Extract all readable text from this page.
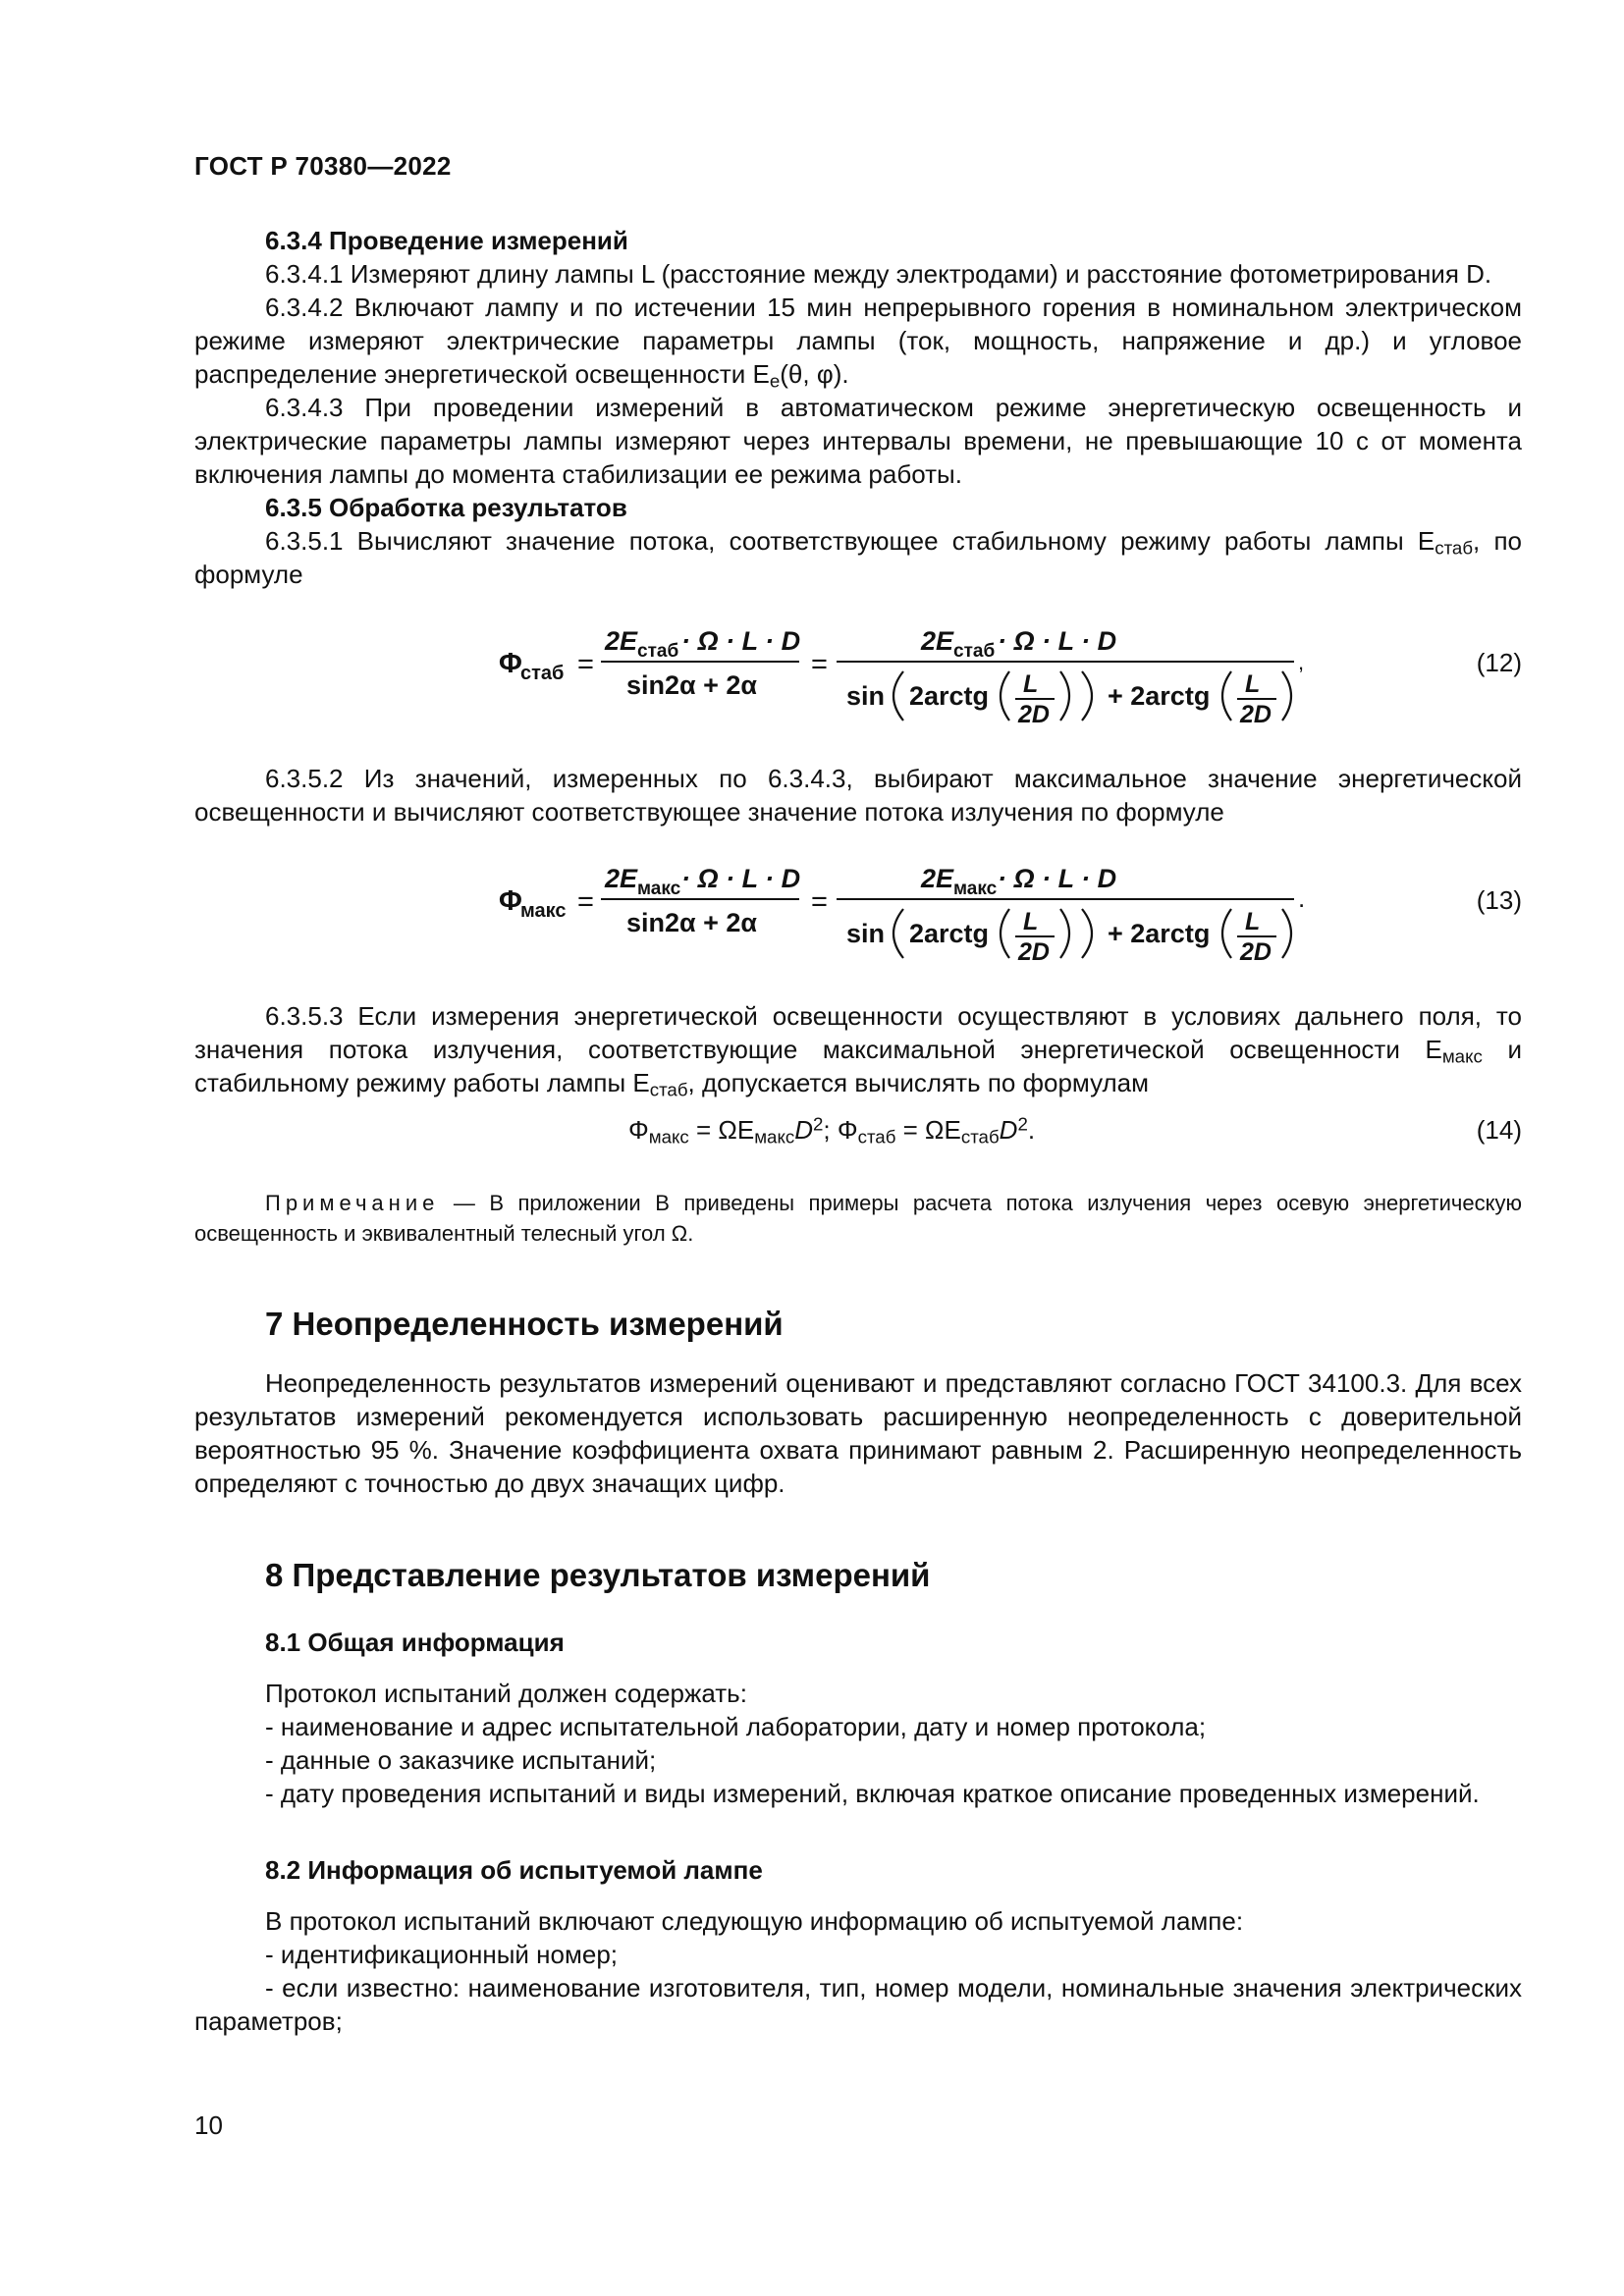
ГОСТ Р 70380—2022

6.3.4 Проведение измерений

6.3.4.1 Измеряют длину лампы L (расстояние между электродами) и расстояние фотометрирования D.

6.3.4.2 Включают лампу и по истечении 15 мин непрерывного горения в номинальном электрическом режиме измеряют электрические параметры лампы (ток, мощность, напряжение и др.) и угловое распределение энергетической освещенности $E_e(\theta$, φ).

6.3.4.3 При проведении измерений в автоматическом режиме энергетическую освещенность и электрические параметры лампы измеряют через интервалы времени, не превышающие 10 с от момента включения лампы до момента стабилизации ее режима работы.

6.3.5 Обработка результатов

6.3.5.1 Вычисляют значение потока, соответствующее стабильному режиму работы лампы $E_{стаб}$, по формуле

Φ
стаб =
2E стаб · Ω · L · D
sin2α + 2α
=
2E стаб · Ω · L · D
sin 2arctg L
2D
+ 2arctg L
2D
,	(12)

6.3.5.2 Из значений, измеренных по 6.3.4.3, выбирают максимальное значение энергетической освещенности и вычисляют соответствующее значение потока излучения по формуле

Φ
макс =
2E макс · Ω · L · D
sin2α + 2α
=
2E макс · Ω · L · D
sin 2arctg L
2D
+ 2arctg L
2D
.	(13)

6.3.5.3 Если измерения энергетической освещенности осуществляют в условиях дальнего поля, то значения потока излучения, соответствующие максимальной энергетической освещенности $E_{макс}$ и стабильному режиму работы лампы $E_{стаб}$, допускается вычислять по формулам

$\Phi_{макс} = \Omega E_{макс}D^2$; $\Phi_{стаб} = \Omega E_{стаб}D^2$.	(14)

Примечание — В приложении В приведены примеры расчета потока излучения через осевую энергетическую освещенность и эквивалентный телесный угол Ω.

7 Неопределенность измерений

Неопределенность результатов измерений оценивают и представляют согласно ГОСТ 34100.3. Для всех результатов измерений рекомендуется использовать расширенную неопределенность с доверительной вероятностью 95 %. Значение коэффициента охвата принимают равным 2. Расширенную неопределенность определяют с точностью до двух значащих цифр.

8 Представление результатов измерений
8.1 Общая информация

Протокол испытаний должен содержать:

- наименование и адрес испытательной лаборатории, дату и номер протокола;

- данные о заказчике испытаний;

- дату проведения испытаний и виды измерений, включая краткое описание проведенных измерений.

8.2 Информация об испытуемой лампе

В протокол испытаний включают следующую информацию об испытуемой лампе:

- идентификационный номер;

- если известно: наименование изготовителя, тип, номер модели, номинальные значения электрических параметров;

10
